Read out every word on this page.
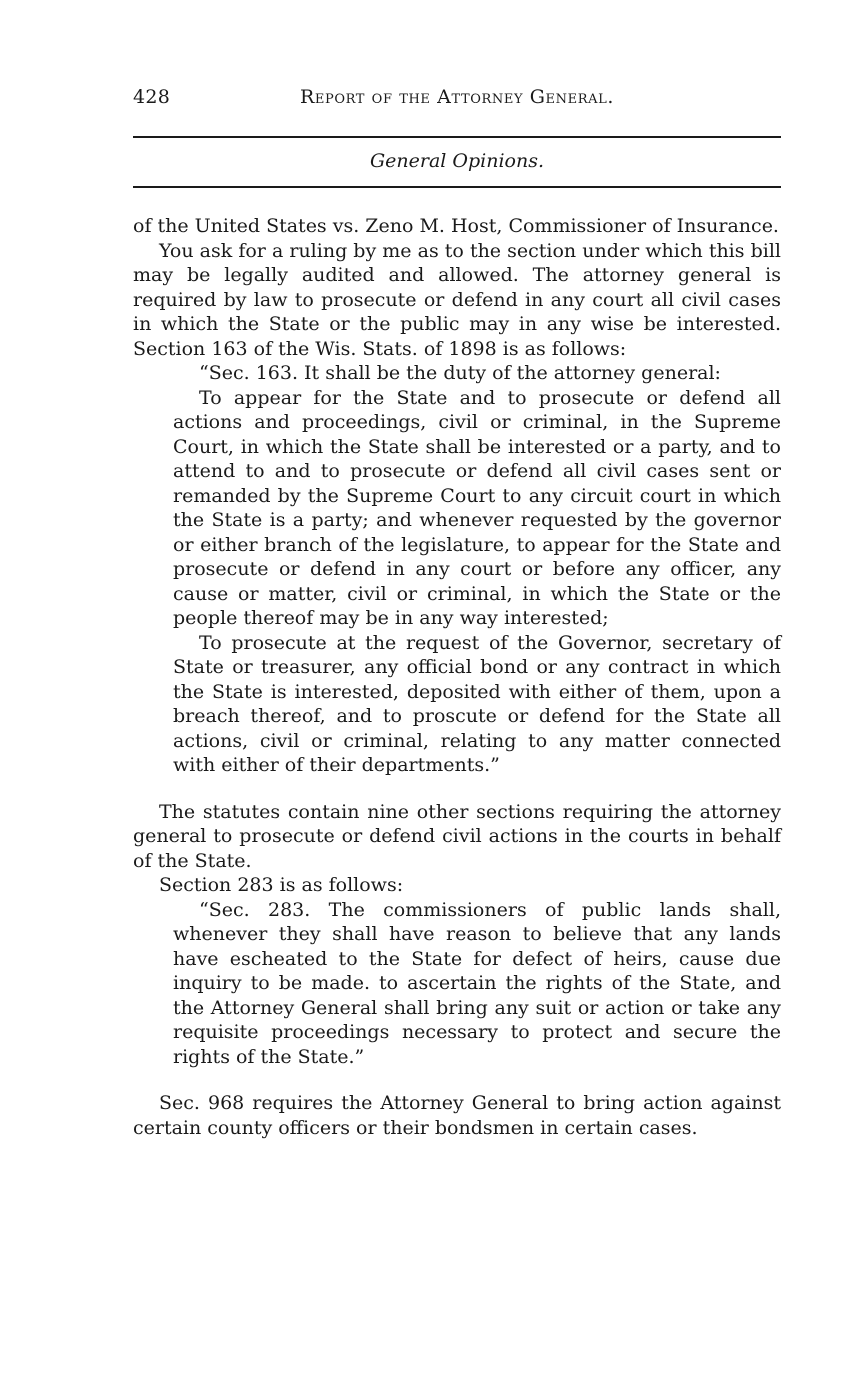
428	Report of the Attorney General.
General Opinions.

of the United States vs. Zeno M. Host, Commissioner of Insurance.

You ask for a ruling by me as to the section under which this bill may be legally audited and allowed. The attorney general is required by law to prosecute or defend in any court all civil cases in which the State or the public may in any wise be interested. Section 163 of the Wis. Stats. of 1898 is as follows:

“Sec. 163. It shall be the duty of the attorney general:

To appear for the State and to prosecute or defend all actions and proceedings, civil or criminal, in the Supreme Court, in which the State shall be interested or a party, and to attend to and to prosecute or defend all civil cases sent or remanded by the Supreme Court to any circuit court in which the State is a party; and whenever requested by the governor or either branch of the legislature, to appear for the State and prosecute or defend in any court or before any officer, any cause or matter, civil or criminal, in which the State or the people thereof may be in any way interested;

To prosecute at the request of the Governor, secretary of State or treasurer, any official bond or any contract in which the State is interested, deposited with either of them, upon a breach thereof, and to proscute or defend for the State all actions, civil or criminal, relating to any matter connected with either of their departments.”

The statutes contain nine other sections requiring the attorney general to prosecute or defend civil actions in the courts in behalf of the State.

Section 283 is as follows:

“Sec. 283. The commissioners of public lands shall, whenever they shall have reason to believe that any lands have escheated to the State for defect of heirs, cause due inquiry to be made. to ascertain the rights of the State, and the Attorney General shall bring any suit or action or take any requisite proceedings necessary to protect and secure the rights of the State.”

Sec. 968 requires the Attorney General to bring action against certain county officers or their bondsmen in certain cases.
